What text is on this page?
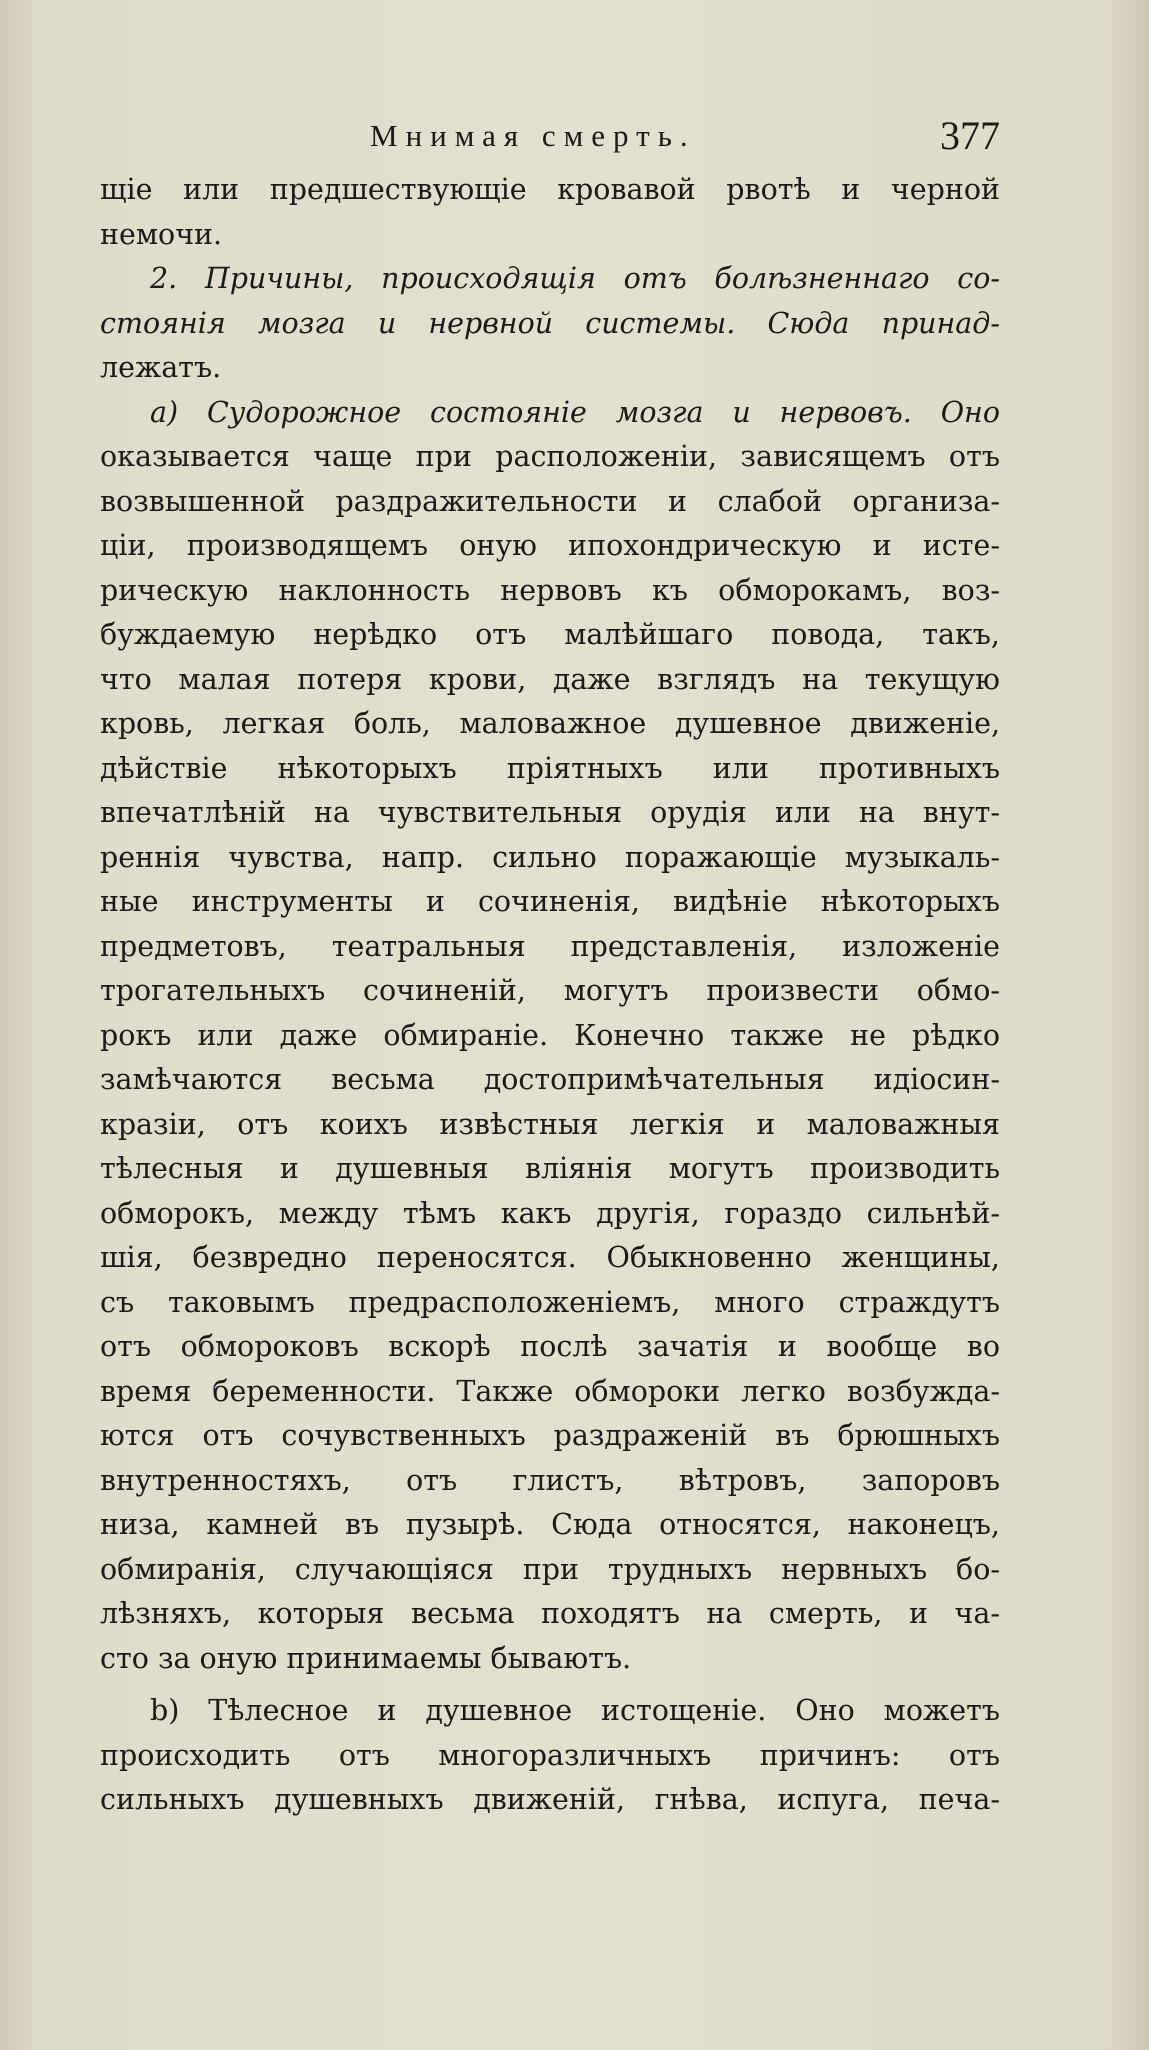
Мнимая смерть.	377
щіе или предшествующіе кровавой рвотѣ и черной
немочи.
2. Причины, происходящія отъ болѣзненнаго со-
стоянія мозга и нервной системы. Сюда принад-
лежатъ.
a) Судорожное состояніе мозга и нервовъ. Оно
оказывается чаще при расположеніи, зависящемъ отъ
возвышенной раздражительности и слабой организа-
ціи, производящемъ оную ипохондрическую и истe-
рическую наклонность нервовъ къ обморокамъ, воз-
буждаемую нерѣдко отъ малѣйшаго повода, такъ,
что малая потеря крови, даже взглядъ на текущую
кровь, легкая боль, маловажное душевное движеніе,
дѣйствіе нѣкоторыхъ пріятныхъ или противныхъ
впечатлѣній на чувствительныя орудія или на внут-
реннія чувства, напр. сильно поражающіе музыкаль-
ные инструменты и сочиненія, видѣніе нѣкоторыхъ
предметовъ, театральныя представленія, изложеніе
трогательныхъ сочиненій, могутъ произвести обмо-
рокъ или даже обмираніе. Конечно также не рѣдко
замѣчаются весьма достопримѣчательныя идіосин-
кразіи, отъ коихъ извѣстныя легкія и маловажныя
тѣлесныя и душевныя вліянія могутъ производить
обморокъ, между тѣмъ какъ другія, гораздо сильнѣй-
шія, безвредно переносятся. Обыкновенно женщины,
съ таковымъ предрасположеніемъ, много страждутъ
отъ обмороковъ вскорѣ послѣ зачатія и вообще во
время беременности. Также обмороки легко возбужда-
ются отъ сочувственныхъ раздраженій въ брюшныхъ
внутренностяхъ, отъ глистъ, вѣтровъ, запоровъ
низа, камней въ пузырѣ. Сюда относятся, наконецъ,
обмиранія, случающіяся при трудныхъ нервныхъ бо-
лѣзняхъ, которыя весьма походятъ на смерть, и ча-
сто за оную принимаемы бываютъ.
b) Тѣлесное и душевное истощеніе. Оно можетъ
происходить отъ многоразличныхъ причинъ: отъ
сильныхъ душевныхъ движеній, гнѣва, испуга, печа-
